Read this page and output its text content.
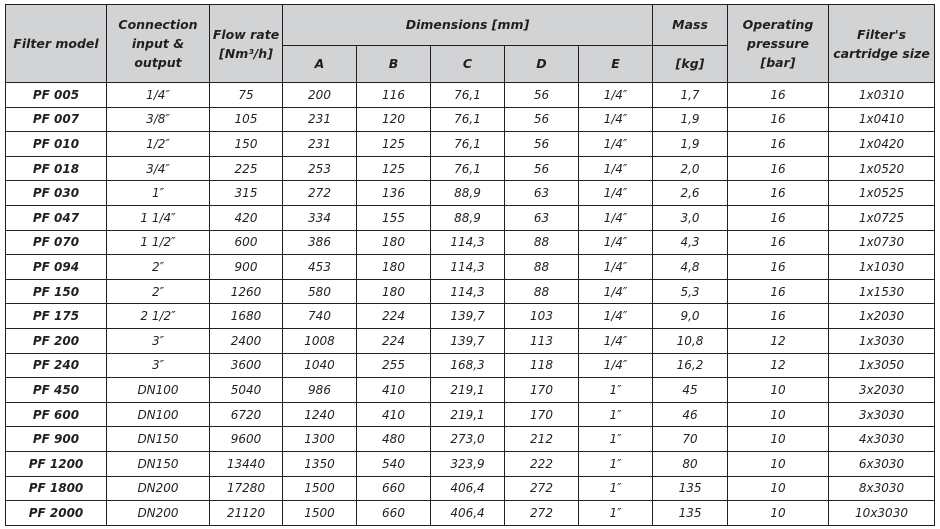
Filter model	Connection input & output	Flow rate [Nm³/h]	Dimensions [mm]					Mass	Operating pressure [bar]	Filter's cartridge size
			A	B	C	D	E	[kg]		
PF 005	1/4″	75	200	116	76,1	56	1/4″	1,7	16	1x0310
PF 007	3/8″	105	231	120	76,1	56	1/4″	1,9	16	1x0410
PF 010	1/2″	150	231	125	76,1	56	1/4″	1,9	16	1x0420
PF 018	3/4″	225	253	125	76,1	56	1/4″	2,0	16	1x0520
PF 030	1″	315	272	136	88,9	63	1/4″	2,6	16	1x0525
PF 047	1 1/4″	420	334	155	88,9	63	1/4″	3,0	16	1x0725
PF 070	1 1/2″	600	386	180	114,3	88	1/4″	4,3	16	1x0730
PF 094	2″	900	453	180	114,3	88	1/4″	4,8	16	1x1030
PF 150	2″	1260	580	180	114,3	88	1/4″	5,3	16	1x1530
PF 175	2 1/2″	1680	740	224	139,7	103	1/4″	9,0	16	1x2030
PF 200	3″	2400	1008	224	139,7	113	1/4″	10,8	12	1x3030
PF 240	3″	3600	1040	255	168,3	118	1/4″	16,2	12	1x3050
PF 450	DN100	5040	986	410	219,1	170	1″	45	10	3x2030
PF 600	DN100	6720	1240	410	219,1	170	1″	46	10	3x3030
PF 900	DN150	9600	1300	480	273,0	212	1″	70	10	4x3030
PF 1200	DN150	13440	1350	540	323,9	222	1″	80	10	6x3030
PF 1800	DN200	17280	1500	660	406,4	272	1″	135	10	8x3030
PF 2000	DN200	21120	1500	660	406,4	272	1″	135	10	10x3030
